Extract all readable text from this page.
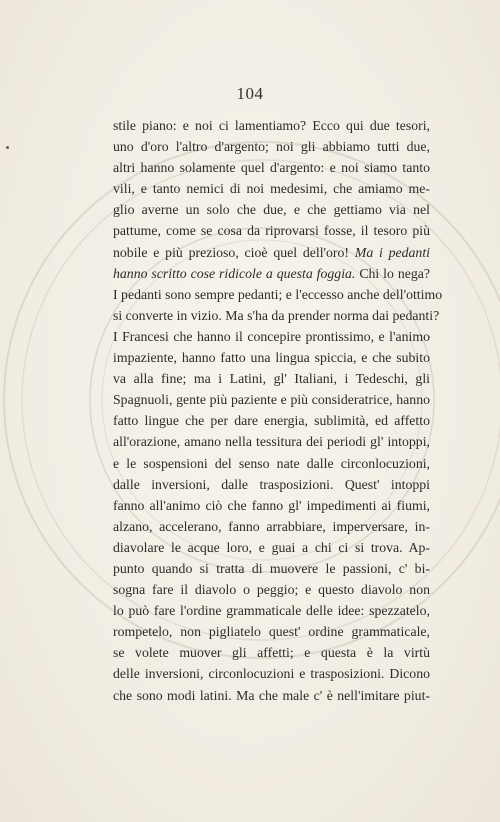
104
stile piano: e noi ci lamentiamo? Ecco qui due tesori,
uno d'oro l'altro d'argento; noi gli abbiamo tutti due,
altri hanno solamente quel d'argento: e noi siamo tanto
vili, e tanto nemici di noi medesimi, che amiamo me-
glio averne un solo che due, e che gettiamo via nel
pattume, come se cosa da riprovarsi fosse, il tesoro più
nobile e più prezioso, cioè quel dell'oro! Ma i pedanti
hanno scritto cose ridicole a questa foggia. Chi lo nega?
I pedanti sono sempre pedanti; e l'eccesso anche dell'ottimo
si converte in vizio. Ma s'ha da prender norma dai pedanti?
I Francesi che hanno il concepire prontissimo, e l'animo
impaziente, hanno fatto una lingua spiccia, e che subito
va alla fine; ma i Latini, gl' Italiani, i Tedeschi, gli
Spagnuoli, gente più paziente e più consideratrice, hanno
fatto lingue che per dare energia, sublimità, ed affetto
all'orazione, amano nella tessitura dei periodi gl' intoppi,
e le sospensioni del senso nate dalle circonlocuzioni,
dalle inversioni, dalle trasposizioni. Quest' intoppi
fanno all'animo ciò che fanno gl' impedimenti ai fiumi,
alzano, accelerano, fanno arrabbiare, imperversare, in-
diavolare le acque loro, e guai a chi ci si trova. Ap-
punto quando si tratta di muovere le passioni, c' bi-
sogna fare il diavolo o peggio; e questo diavolo non
lo può fare l'ordine grammaticale delle idee: spezzatelo,
rompetelo, non pigliatelo quest' ordine grammaticale,
se volete muover gli affetti; e questa è la virtù
delle inversioni, circonlocuzioni e trasposizioni. Dicono
che sono modi latini. Ma che male c' è nell'imitare piut-
